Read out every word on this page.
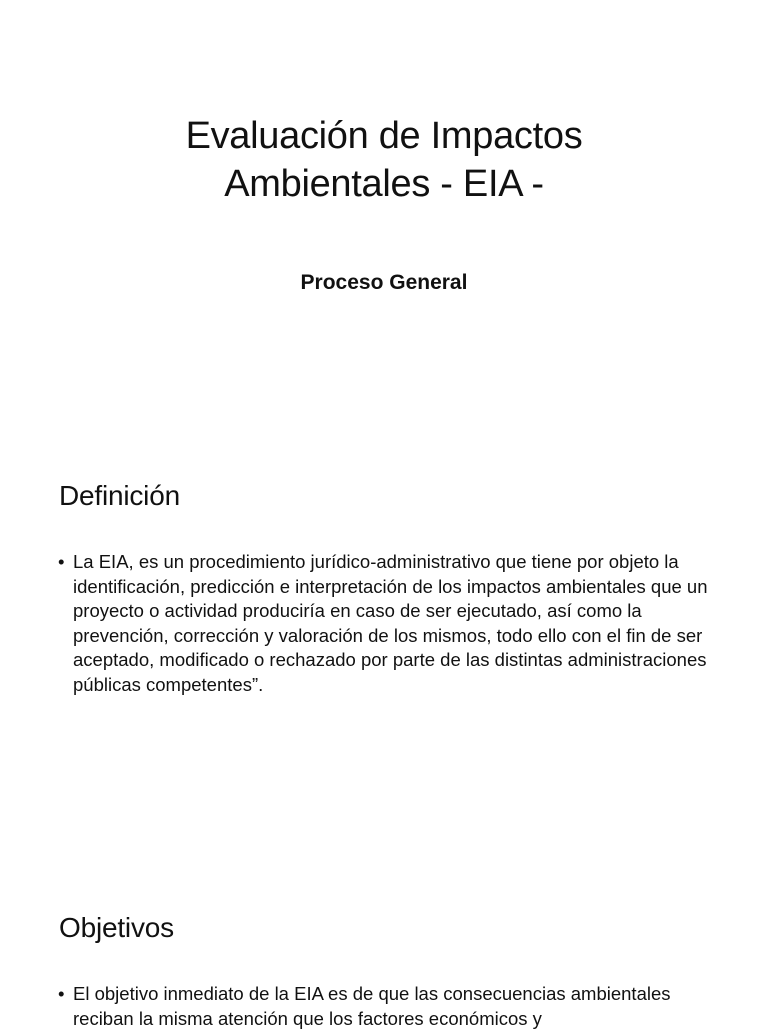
Evaluación de Impactos
Ambientales - EIA -
Proceso General
Definición
• La EIA, es un procedimiento jurídico-administrativo que tiene por objeto la identificación, predicción e interpretación de los impactos ambientales que un proyecto o actividad produciría en caso de ser ejecutado, así como la prevención, corrección y valoración de los mismos, todo ello con el fin de ser aceptado, modificado o rechazado por parte de las distintas administraciones públicas competentes”.
Objetivos
• El objetivo inmediato de la EIA es de que las consecuencias ambientales reciban la misma atención que los factores económicos y
